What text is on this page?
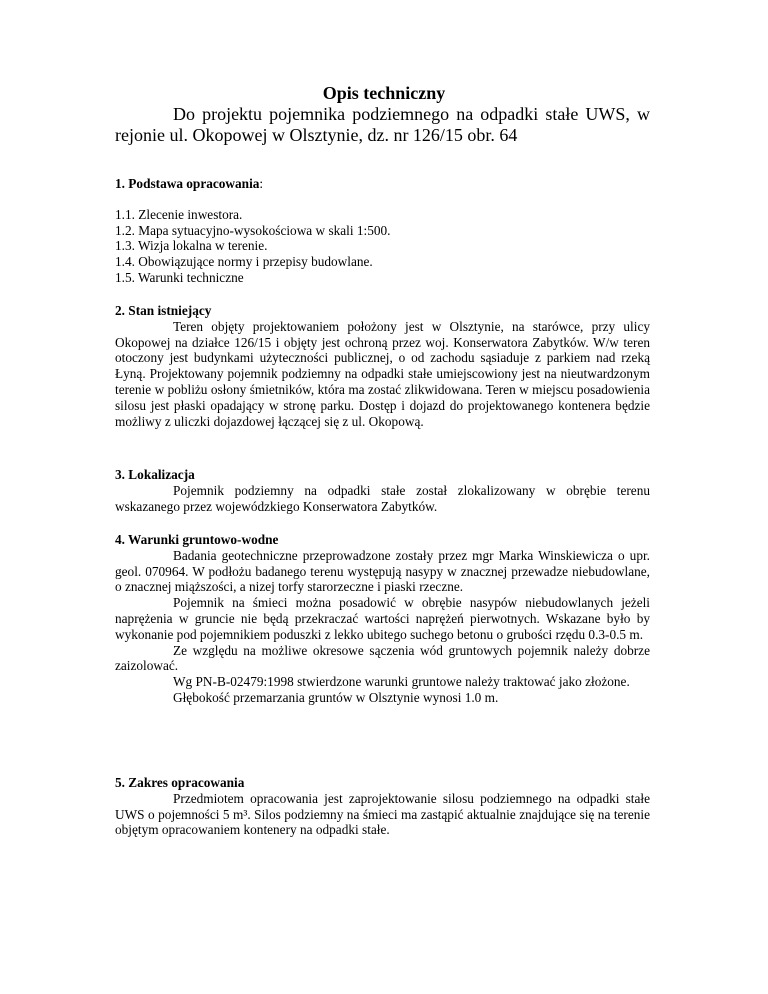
Opis techniczny

Do projektu pojemnika podziemnego na odpadki stałe UWS, w rejonie ul. Okopowej w Olsztynie, dz. nr 126/15 obr. 64

1. Podstawa opracowania:
1.1. Zlecenie inwestora.
1.2. Mapa sytuacyjno-wysokościowa w skali 1:500.
1.3. Wizja lokalna w terenie.
1.4. Obowiązujące normy i przepisy budowlane.
1.5. Warunki techniczne
2. Stan istniejący

Teren objęty projektowaniem położony jest w Olsztynie, na starówce, przy ulicy Okopowej na działce 126/15 i objęty jest ochroną przez woj. Konserwatora Zabytków. W/w teren otoczony jest budynkami użyteczności publicznej, o od zachodu sąsiaduje z parkiem nad rzeką Łyną. Projektowany pojemnik podziemny na odpadki stałe umiejscowiony jest na nieutwardzonym terenie w pobliżu osłony śmietników, która ma zostać zlikwidowana. Teren w miejscu posadowienia silosu jest płaski opadający w stronę parku. Dostęp i dojazd do projektowanego kontenera będzie możliwy z uliczki dojazdowej łączącej się z ul. Okopową.

3. Lokalizacja

Pojemnik podziemny na odpadki stałe został zlokalizowany w obrębie terenu wskazanego przez wojewódzkiego Konserwatora Zabytków.

4. Warunki gruntowo-wodne

Badania geotechniczne przeprowadzone zostały przez mgr Marka Winskiewicza o upr. geol. 070964. W podłożu badanego terenu występują nasypy w znacznej przewadze niebudowlane, o znacznej miąższości, a nizej torfy starorzeczne i piaski rzeczne.

Pojemnik na śmieci można posadowić w obrębie nasypów niebudowlanych jeżeli naprężenia w gruncie nie będą przekraczać wartości naprężeń pierwotnych. Wskazane było by wykonanie pod pojemnikiem poduszki z lekko ubitego suchego betonu o grubości rzędu 0.3-0.5 m.

Ze względu na możliwe okresowe sączenia wód gruntowych pojemnik należy dobrze zaizolować.

Wg PN-B-02479:1998 stwierdzone warunki gruntowe należy traktować jako złożone.

Głębokość przemarzania gruntów w Olsztynie wynosi 1.0 m.

5. Zakres opracowania

Przedmiotem opracowania jest zaprojektowanie silosu podziemnego na odpadki stałe UWS o pojemności 5 m³. Silos podziemny na śmieci ma zastąpić aktualnie znajdujące się na terenie objętym opracowaniem kontenery na odpadki stałe.
